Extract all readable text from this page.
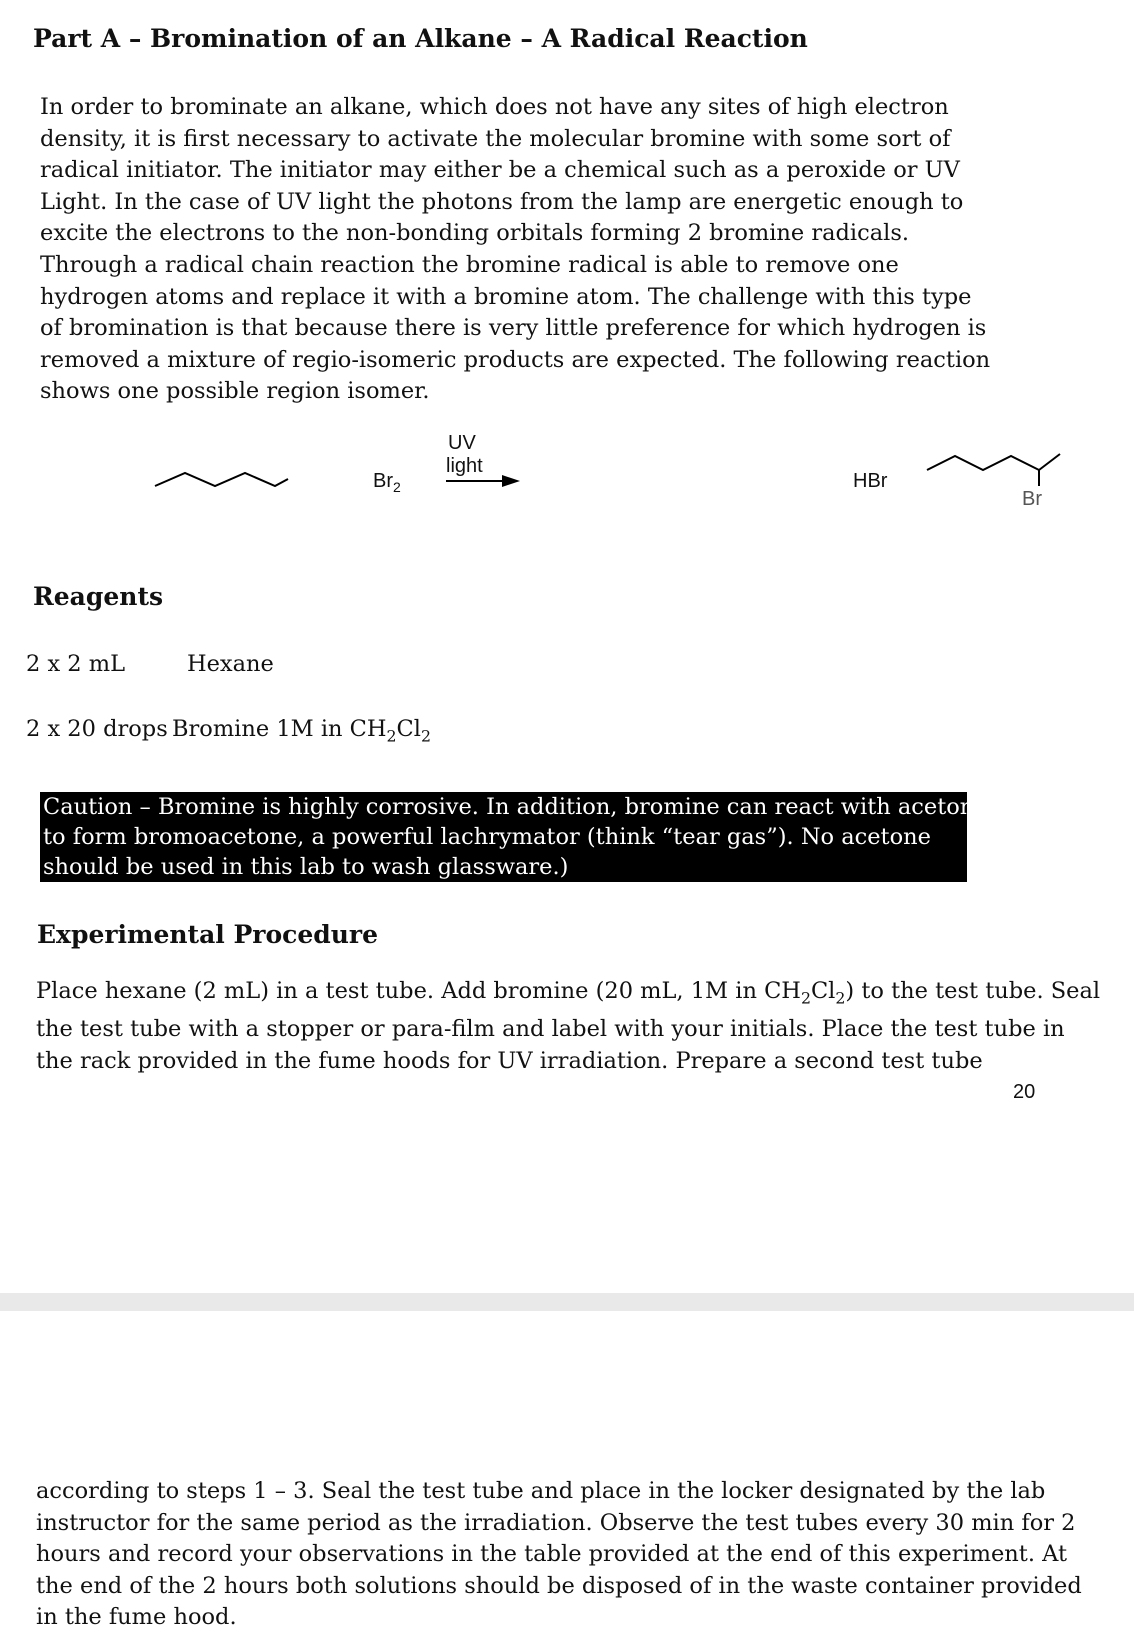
Part A – Bromination of an Alkane – A Radical Reaction
In order to brominate an alkane, which does not have any sites of high electron
density, it is first necessary to activate the molecular bromine with some sort of
radical initiator. The initiator may either be a chemical such as a peroxide or UV
Light. In the case of UV light the photons from the lamp are energetic enough to
excite the electrons to the non-bonding orbitals forming 2 bromine radicals.
Through a radical chain reaction the bromine radical is able to remove one
hydrogen atoms and replace it with a bromine atom. The challenge with this type
of bromination is that because there is very little preference for which hydrogen is
removed a mixture of regio-isomeric products are expected. The following reaction
shows one possible region isomer.
$Br_2$
UV
light
HBr
Br
Reagents
2 x 2 mL	Hexane
2 x 20 drops Bromine 1M in $CH_2Cl_2$
Caution – Bromine is highly corrosive. In addition, bromine can react with acetone
to form bromoacetone, a powerful lachrymator (think “tear gas”). No acetone
should be used in this lab to wash glassware.)
Experimental Procedure
Place hexane (2 mL) in a test tube. Add bromine (20 mL, 1M in $CH_2Cl_2$) to the test tube. Seal
the test tube with a stopper or para-film and label with your initials. Place the test tube in
the rack provided in the fume hoods for UV irradiation. Prepare a second test tube
20
according to steps 1 – 3. Seal the test tube and place in the locker designated by the lab
instructor for the same period as the irradiation. Observe the test tubes every 30 min for 2
hours and record your observations in the table provided at the end of this experiment. At
the end of the 2 hours both solutions should be disposed of in the waste container provided
in the fume hood.
